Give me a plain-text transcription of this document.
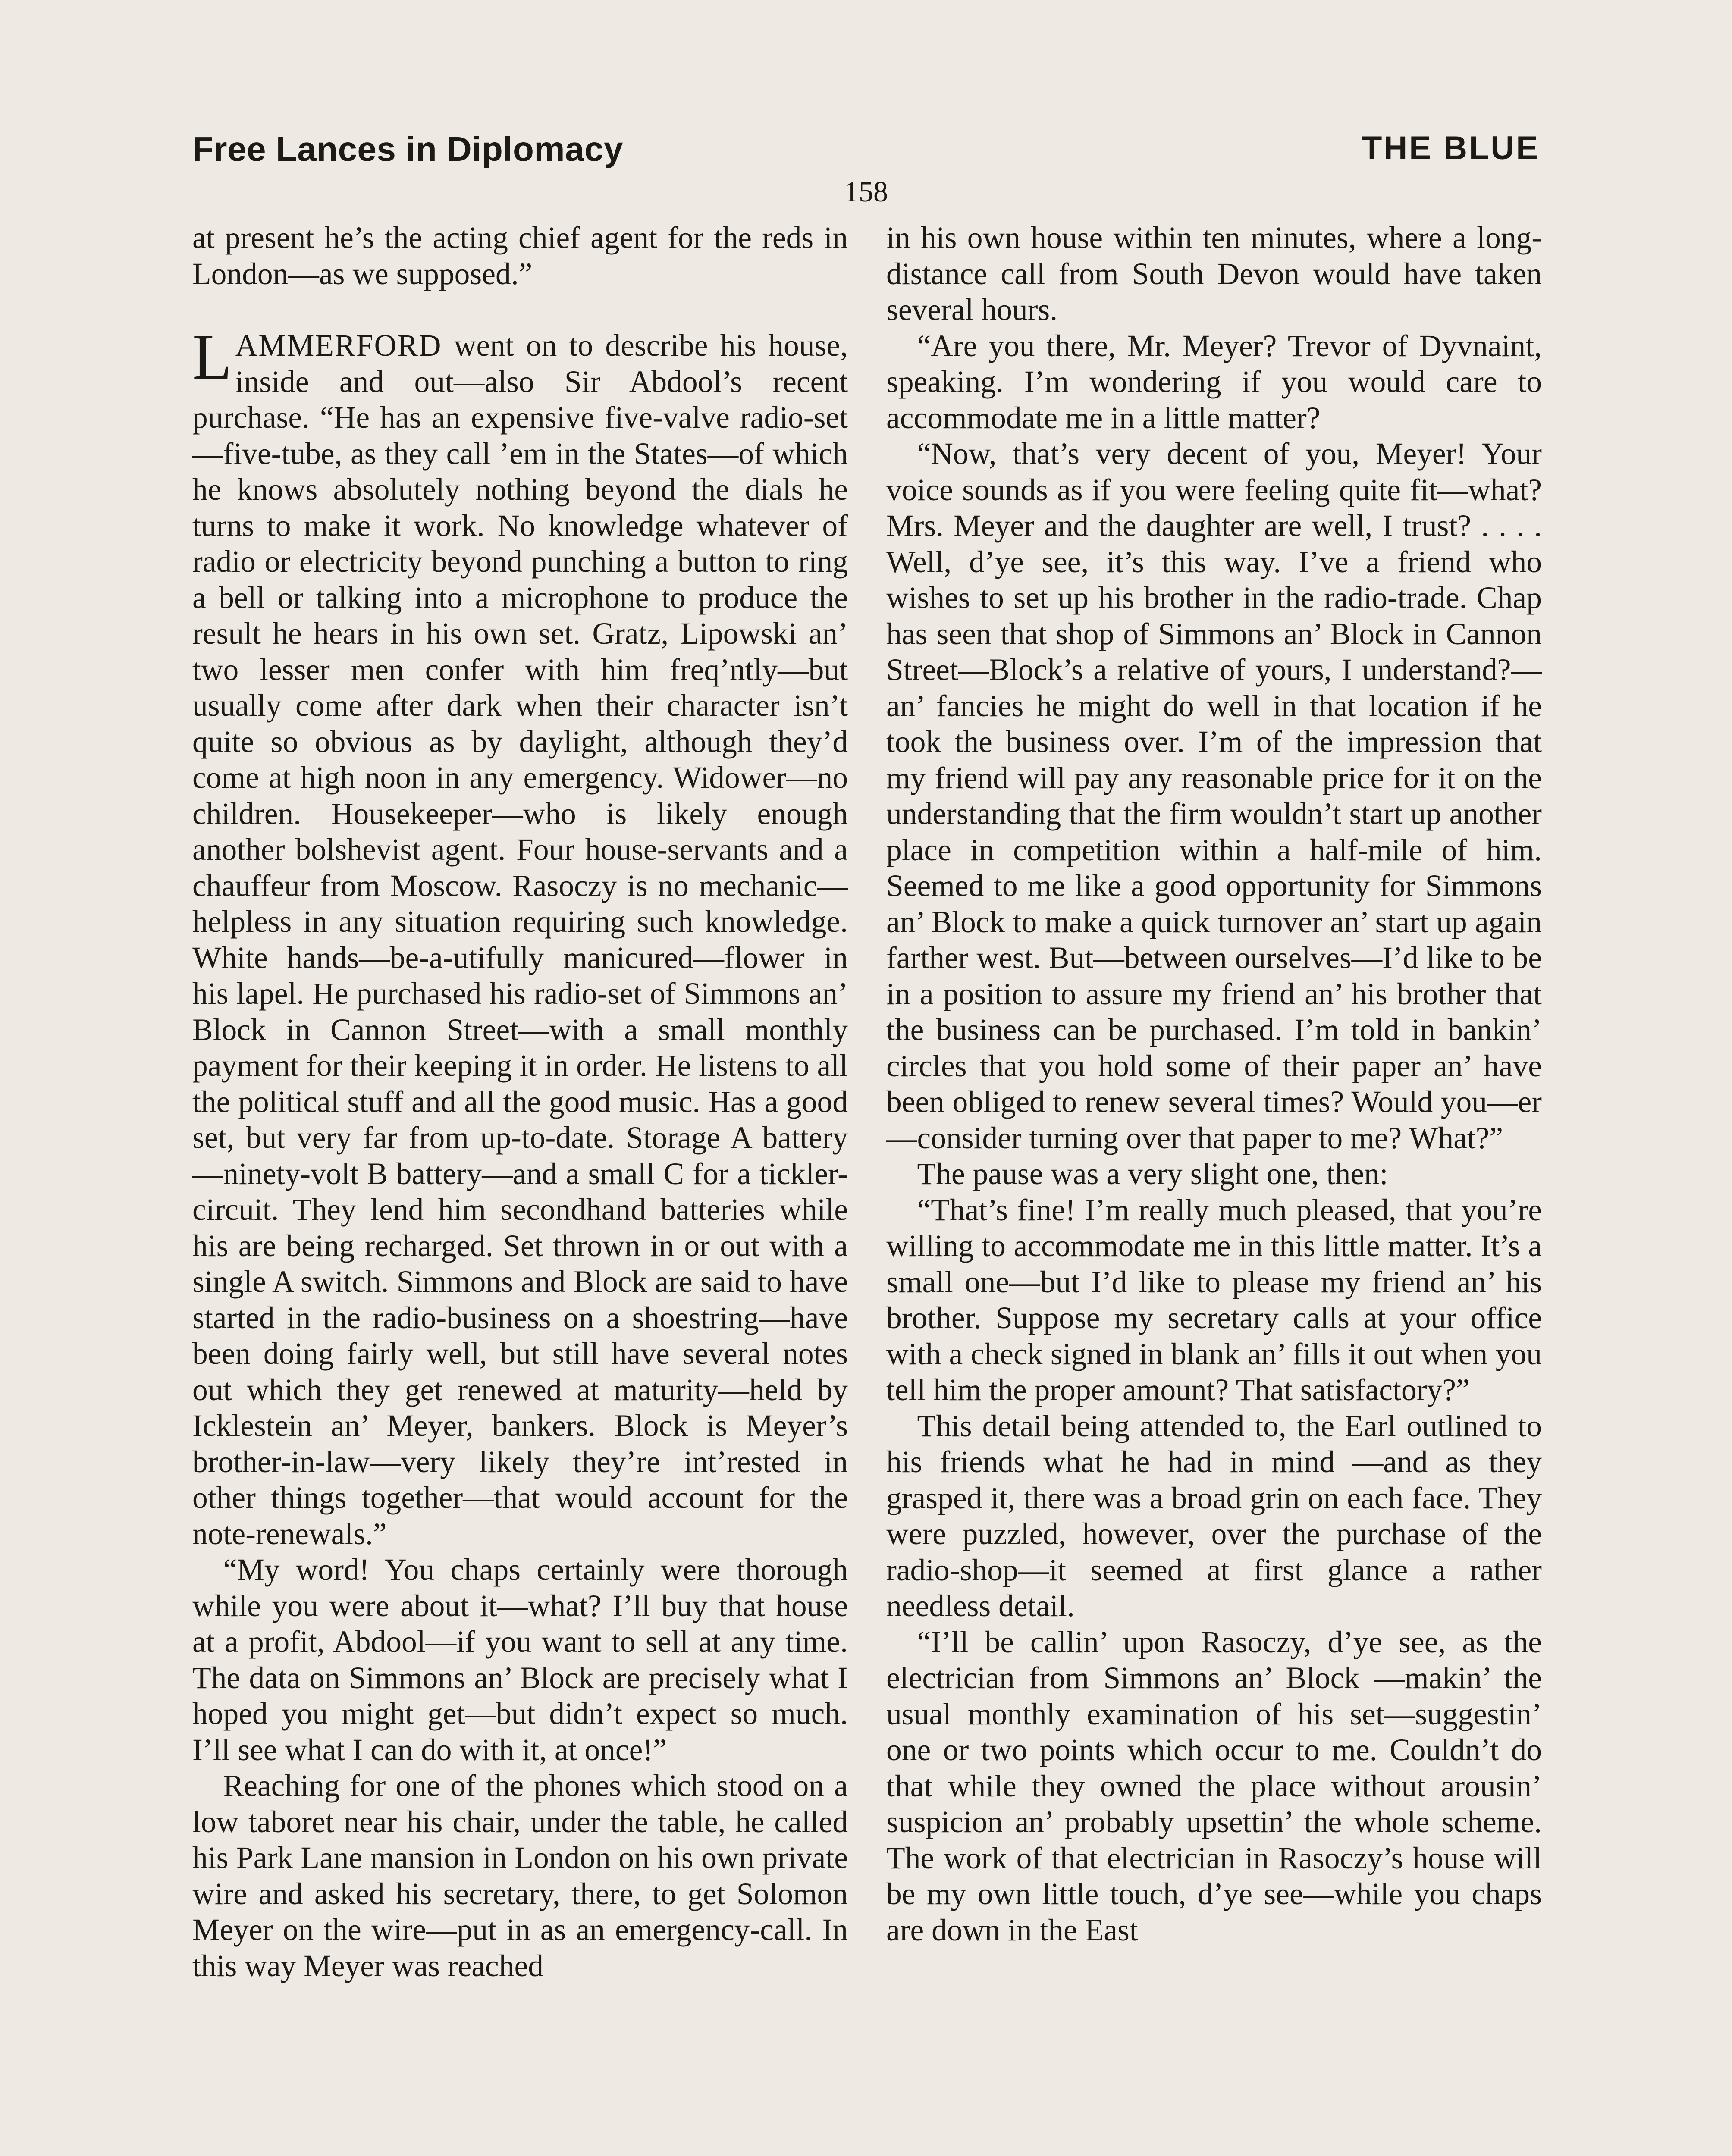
Free Lances in Diplomacy	THE BLUE
158

at present he’s the acting chief agent for the reds in London—as we supposed.”

LAMMERFORD went on to describe his house, inside and out—also Sir Abdool’s recent purchase. “He has an expensive five-valve radio-set—five-tube, as they call ’em in the States—of which he knows absolutely nothing beyond the dials he turns to make it work. No knowledge whatever of radio or electricity beyond punching a button to ring a bell or talking into a microphone to produce the result he hears in his own set. Gratz, Lipowski an’ two lesser men confer with him freq’ntly—but usually come after dark when their character isn’t quite so obvious as by daylight, although they’d come at high noon in any emergency. Widower—no children. Housekeeper—who is likely enough another bolshevist agent. Four house-servants and a chauffeur from Moscow. Rasoczy is no mechanic—helpless in any situation requiring such knowledge. White hands—be-a-utifully manicured—flower in his lapel. He purchased his radio-set of Simmons an’ Block in Cannon Street—with a small monthly payment for their keeping it in order. He listens to all the political stuff and all the good music. Has a good set, but very far from up-to-date. Storage A battery—ninety-volt B battery—and a small C for a tickler-circuit. They lend him secondhand batteries while his are being recharged. Set thrown in or out with a single A switch. Simmons and Block are said to have started in the radio-business on a shoestring—have been doing fairly well, but still have several notes out which they get renewed at maturity—held by Icklestein an’ Meyer, bankers. Block is Meyer’s brother-in-law—very likely they’re int’rested in other things together—that would account for the note-renewals.”

“My word! You chaps certainly were thorough while you were about it—what? I’ll buy that house at a profit, Abdool—if you want to sell at any time. The data on Simmons an’ Block are precisely what I hoped you might get—but didn’t expect so much. I’ll see what I can do with it, at once!”

Reaching for one of the phones which stood on a low taboret near his chair, under the table, he called his Park Lane mansion in London on his own private wire and asked his secretary, there, to get Solomon Meyer on the wire—put in as an emergency-call. In this way Meyer was reached

in his own house within ten minutes, where a long-distance call from South Devon would have taken several hours.

“Are you there, Mr. Meyer? Trevor of Dyvnaint, speaking. I’m wondering if you would care to accommodate me in a little matter?

“Now, that’s very decent of you, Meyer! Your voice sounds as if you were feeling quite fit—what? Mrs. Meyer and the daughter are well, I trust? . . . . Well, d’ye see, it’s this way. I’ve a friend who wishes to set up his brother in the radio-trade. Chap has seen that shop of Simmons an’ Block in Cannon Street—Block’s a relative of yours, I understand?—an’ fancies he might do well in that location if he took the business over. I’m of the impression that my friend will pay any reasonable price for it on the understanding that the firm wouldn’t start up another place in competition within a half-mile of him. Seemed to me like a good opportunity for Simmons an’ Block to make a quick turnover an’ start up again farther west. But—between ourselves—I’d like to be in a position to assure my friend an’ his brother that the business can be purchased. I’m told in bankin’ circles that you hold some of their paper an’ have been obliged to renew several times? Would you—er—consider turning over that paper to me? What?”

The pause was a very slight one, then:

“That’s fine! I’m really much pleased, that you’re willing to accommodate me in this little matter. It’s a small one—but I’d like to please my friend an’ his brother. Suppose my secretary calls at your office with a check signed in blank an’ fills it out when you tell him the proper amount? That satisfactory?”

This detail being attended to, the Earl outlined to his friends what he had in mind —and as they grasped it, there was a broad grin on each face. They were puzzled, however, over the purchase of the radio-shop—it seemed at first glance a rather needless detail.

“I’ll be callin’ upon Rasoczy, d’ye see, as the electrician from Simmons an’ Block —makin’ the usual monthly examination of his set—suggestin’ one or two points which occur to me. Couldn’t do that while they owned the place without arousin’ suspicion an’ probably upsettin’ the whole scheme. The work of that electrician in Rasoczy’s house will be my own little touch, d’ye see—while you chaps are down in the East
